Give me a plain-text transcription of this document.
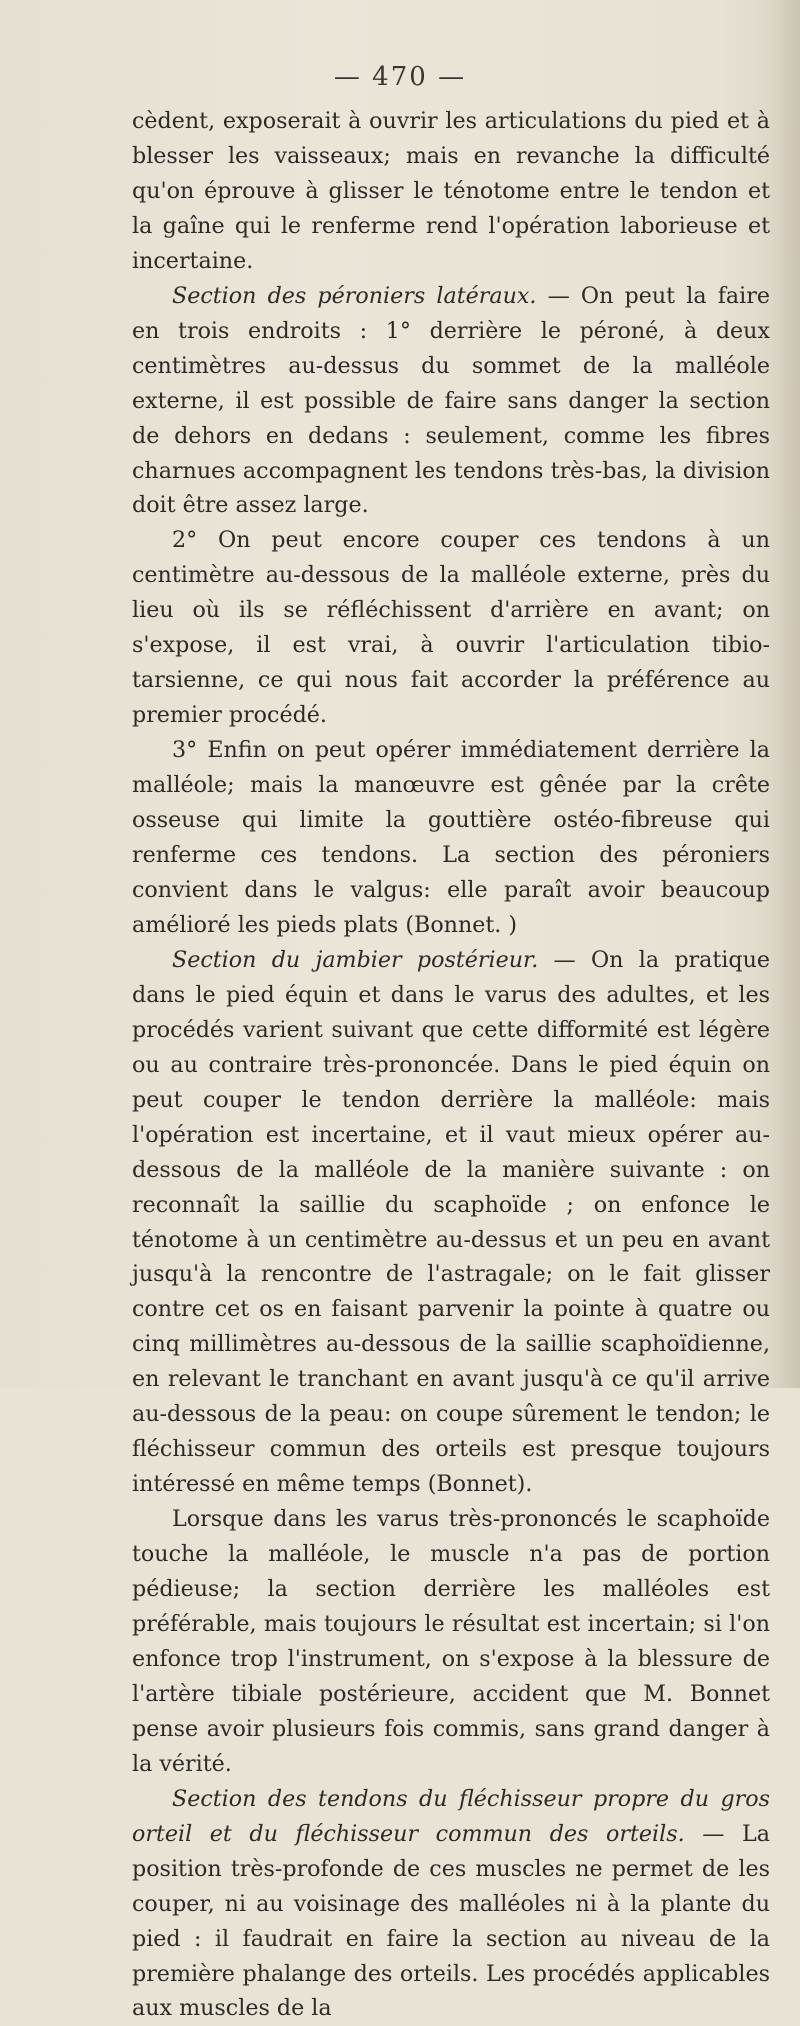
— 470 —

cèdent, exposerait à ouvrir les articulations du pied et à blesser les vaisseaux; mais en revanche la difficulté qu'on éprouve à glisser le ténotome entre le tendon et la gaîne qui le renferme rend l'opération laborieuse et incertaine.

Section des péroniers latéraux. — On peut la faire en trois endroits : 1° derrière le péroné, à deux centimètres au-dessus du sommet de la malléole externe, il est possible de faire sans danger la section de dehors en dedans : seulement, comme les fibres charnues accompagnent les tendons très-bas, la division doit être assez large.

2° On peut encore couper ces tendons à un centimètre au-dessous de la malléole externe, près du lieu où ils se réfléchissent d'arrière en avant; on s'expose, il est vrai, à ouvrir l'articulation tibio-tarsienne, ce qui nous fait accorder la préférence au premier procédé.

3° Enfin on peut opérer immédiatement derrière la malléole; mais la manœuvre est gênée par la crête osseuse qui limite la gouttière ostéo-fibreuse qui renferme ces tendons. La section des péroniers convient dans le valgus: elle paraît avoir beaucoup amélioré les pieds plats (Bonnet. )

Section du jambier postérieur. — On la pratique dans le pied équin et dans le varus des adultes, et les procédés varient suivant que cette difformité est légère ou au contraire très-prononcée. Dans le pied équin on peut couper le tendon derrière la malléole: mais l'opération est incertaine, et il vaut mieux opérer au-dessous de la malléole de la manière suivante : on reconnaît la saillie du scaphoïde ; on enfonce le ténotome à un centimètre au-dessus et un peu en avant jusqu'à la rencontre de l'astragale; on le fait glisser contre cet os en faisant parvenir la pointe à quatre ou cinq millimètres au-dessous de la saillie scaphoïdienne, en relevant le tranchant en avant jusqu'à ce qu'il arrive au-dessous de la peau: on coupe sûrement le tendon; le fléchisseur commun des orteils est presque toujours intéressé en même temps (Bonnet).

Lorsque dans les varus très-prononcés le scaphoïde touche la malléole, le muscle n'a pas de portion pédieuse; la section derrière les malléoles est préférable, mais toujours le résultat est incertain; si l'on enfonce trop l'instrument, on s'expose à la blessure de l'artère tibiale postérieure, accident que M. Bonnet pense avoir plusieurs fois commis, sans grand danger à la vérité.

Section des tendons du fléchisseur propre du gros orteil et du fléchisseur commun des orteils. — La position très-profonde de ces muscles ne permet de les couper, ni au voisinage des malléoles ni à la plante du pied : il faudrait en faire la section au niveau de la première phalange des orteils. Les procédés applicables aux muscles de la
